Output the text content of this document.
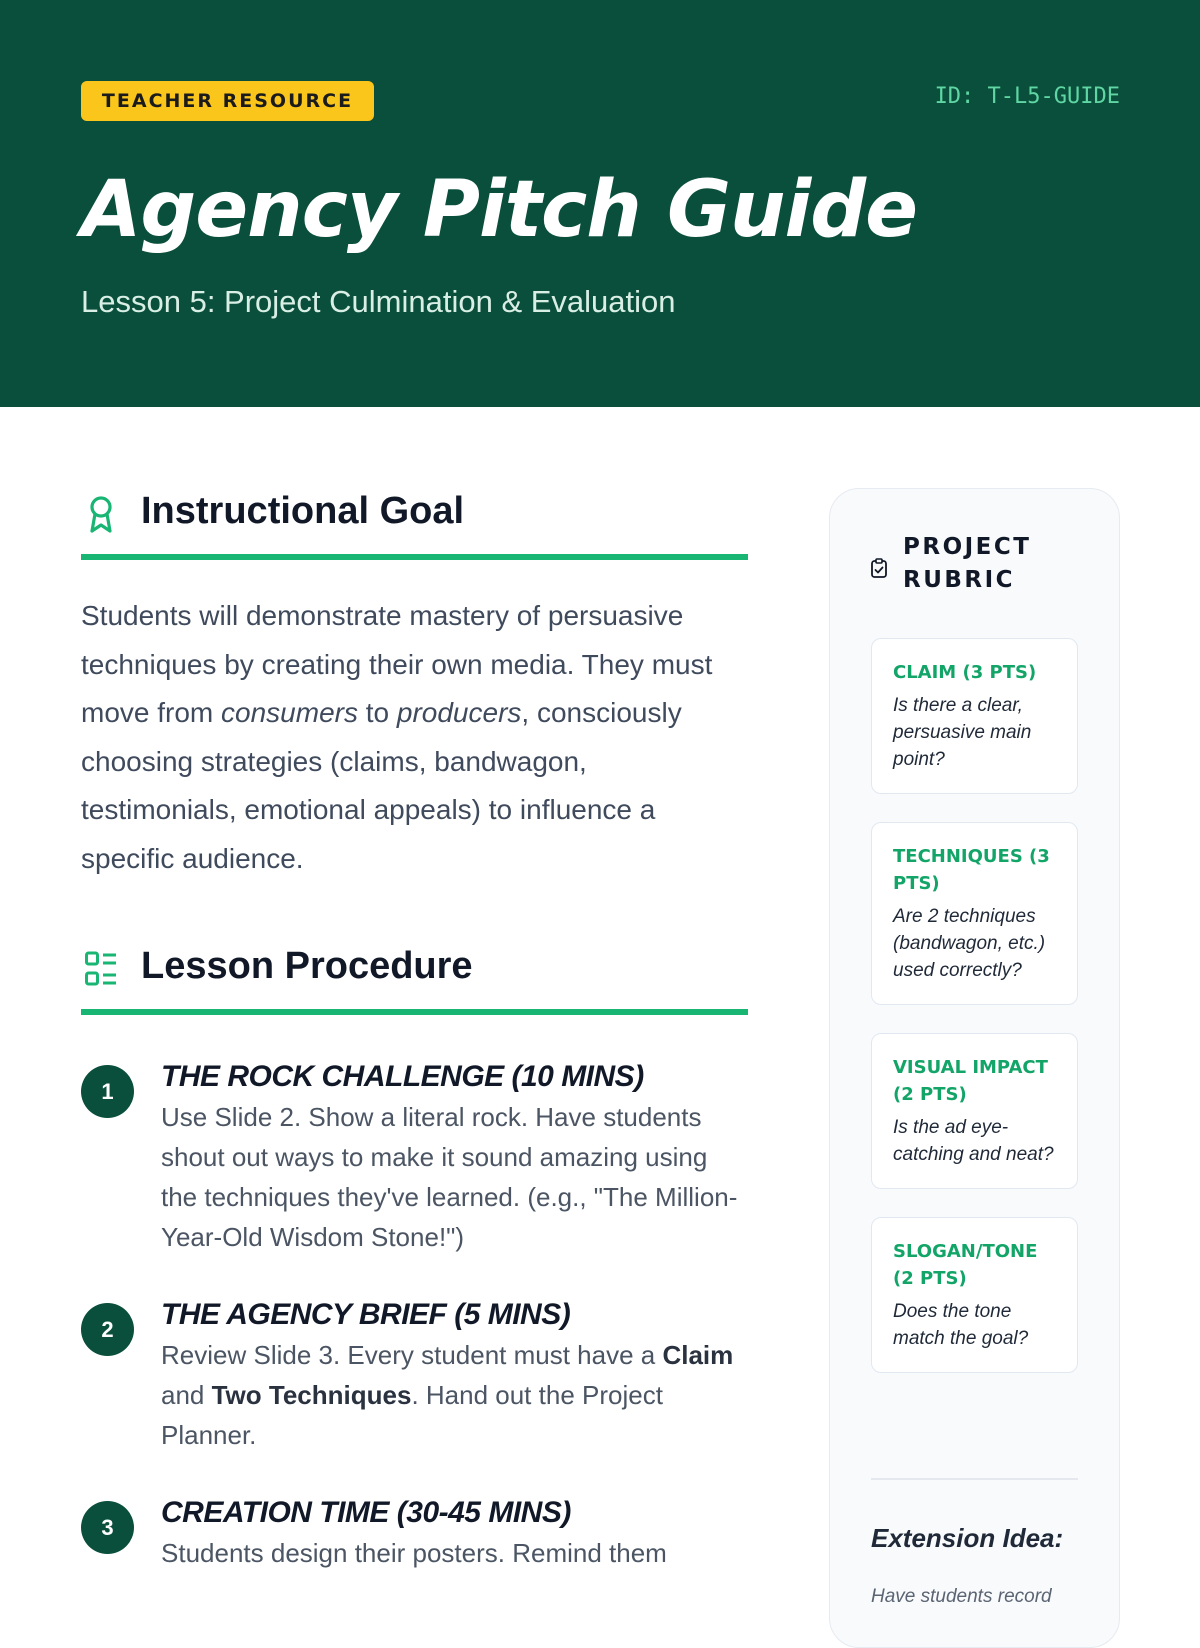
TEACHER RESOURCE	ID: T-L5-GUIDE
Agency Pitch Guide
Lesson 5: Project Culmination & Evaluation
Instructional Goal

Students will demonstrate mastery of persuasive techniques by creating their own media. They must move from consumers to producers, consciously choosing strategies (claims, bandwagon, testimonials, emotional appeals) to influence a specific audience.

Lesson Procedure
1	THE ROCK CHALLENGE (10 MINS)

Use Slide 2. Show a literal rock. Have students shout out ways to make it sound amazing using the techniques they've learned. (e.g., "The Million-Year-Old Wisdom Stone!")

2	THE AGENCY BRIEF (5 MINS)

Review Slide 3. Every student must have a Claim and Two Techniques. Hand out the Project Planner.

3	CREATION TIME (30-45 MINS)

Students design their posters. Remind them

PROJECT RUBRIC
CLAIM (3 PTS)
Is there a clear, persuasive main point?
TECHNIQUES (3 PTS)
Are 2 techniques (bandwagon, etc.) used correctly?
VISUAL IMPACT (2 PTS)
Is the ad eye-catching and neat?
SLOGAN/TONE (2 PTS)
Does the tone match the goal?
Extension Idea:
Have students record
